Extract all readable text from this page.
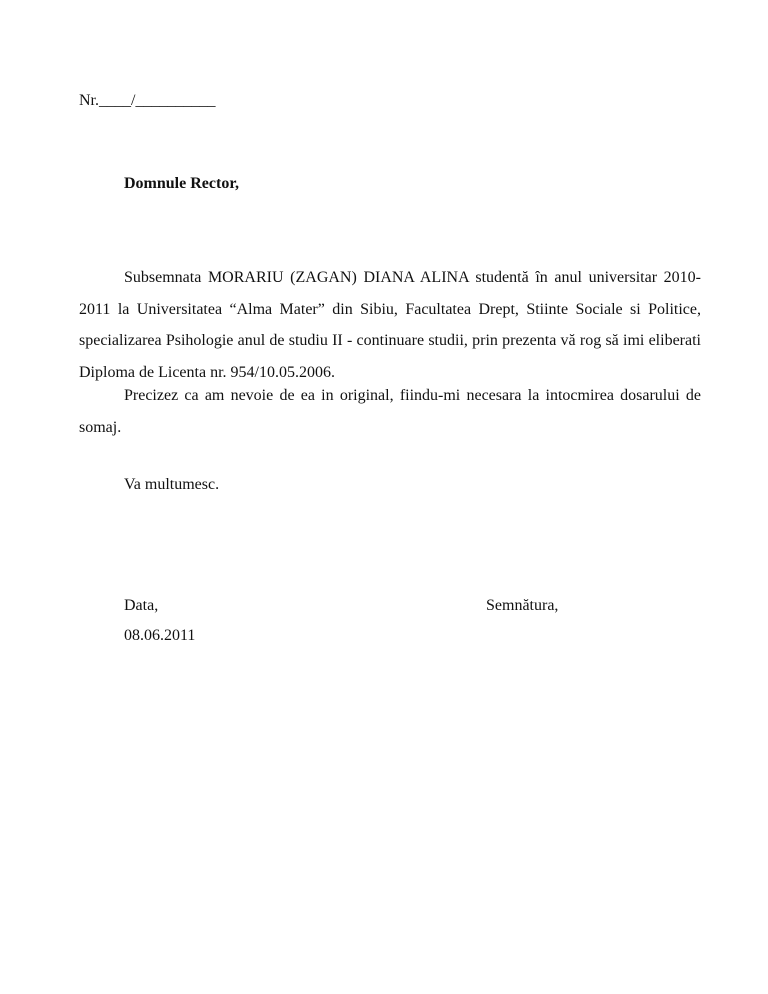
Nr.____/__________
Domnule Rector,

Subsemnata MORARIU (ZAGAN) DIANA ALINA studentă în anul universitar 2010-2011 la Universitatea “Alma Mater” din Sibiu, Facultatea Drept, Stiinte Sociale si Politice, specializarea Psihologie anul de studiu II - continuare studii, prin prezenta vă rog să imi eliberati Diploma de Licenta nr. 954/10.05.2006.

Precizez ca am nevoie de ea in original, fiindu-mi necesara la intocmirea dosarului de somaj.

Va multumesc.
Data,
08.06.2011
Semnătura,
